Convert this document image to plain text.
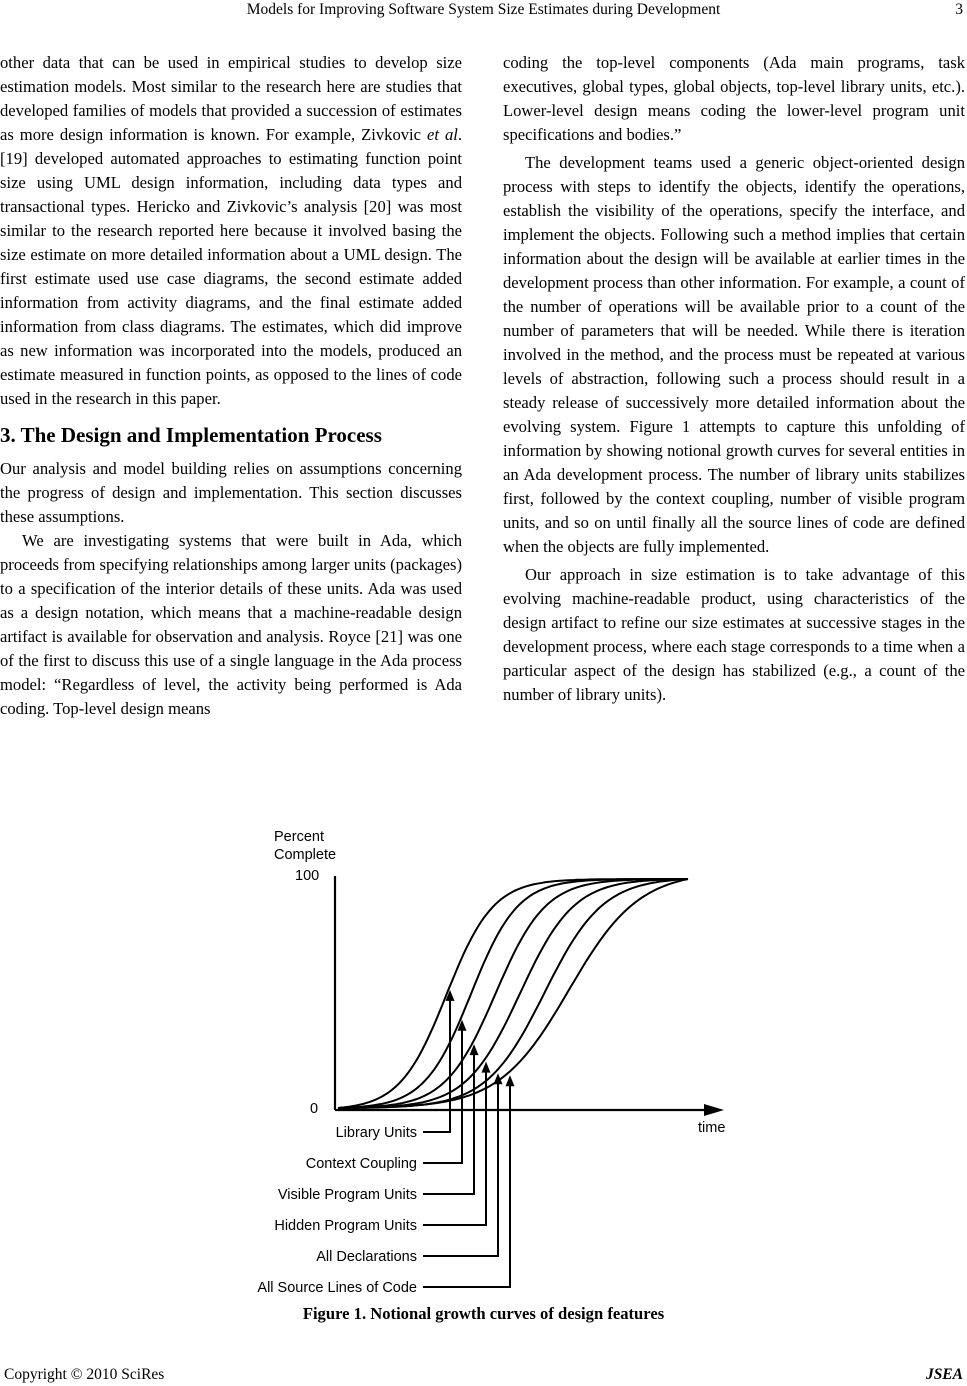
Models for Improving Software System Size Estimates during Development	3

other data that can be used in empirical studies to develop size estimation models. Most similar to the research here are studies that developed families of models that provided a succession of estimates as more design information is known. For example, Zivkovic et al. [19] developed automated approaches to estimating function point size using UML design information, including data types and transactional types. Hericko and Zivkovic’s analysis [20] was most similar to the research reported here because it involved basing the size estimate on more detailed information about a UML design. The first estimate used use case diagrams, the second estimate added information from activity diagrams, and the final estimate added information from class diagrams. The estimates, which did improve as new information was incorporated into the models, produced an estimate measured in function points, as opposed to the lines of code used in the research in this paper.

3. The Design and Implementation Process

Our analysis and model building relies on assumptions concerning the progress of design and implementation. This section discusses these assumptions.

We are investigating systems that were built in Ada, which proceeds from specifying relationships among larger units (packages) to a specification of the interior details of these units. Ada was used as a design notation, which means that a machine-readable design artifact is available for observation and analysis. Royce [21] was one of the first to discuss this use of a single language in the Ada process model: “Regardless of level, the activity being performed is Ada coding. Top-level design means

coding the top-level components (Ada main programs, task executives, global types, global objects, top-level library units, etc.). Lower-level design means coding the lower-level program unit specifications and bodies.”

The development teams used a generic object-oriented design process with steps to identify the objects, identify the operations, establish the visibility of the operations, specify the interface, and implement the objects. Following such a method implies that certain information about the design will be available at earlier times in the development process than other information. For example, a count of the number of operations will be available prior to a count of the number of parameters that will be needed. While there is iteration involved in the method, and the process must be repeated at various levels of abstraction, following such a process should result in a steady release of successively more detailed information about the evolving system. Figure 1 attempts to capture this unfolding of information by showing notional growth curves for several entities in an Ada development process. The number of library units stabilizes first, followed by the context coupling, number of visible program units, and so on until finally all the source lines of code are defined when the objects are fully implemented.

Our approach in size estimation is to take advantage of this evolving machine-readable product, using characteristics of the design artifact to refine our size estimates at successive stages in the development process, where each stage corresponds to a time when a particular aspect of the design has stabilized (e.g., a count of the number of library units).

Percent
Complete
100
0
time
Library Units
Context Coupling
Visible Program Units
Hidden Program Units
All Declarations
All Source Lines of Code
Figure 1. Notional growth curves of design features
Copyright © 2010 SciRes	JSEA
